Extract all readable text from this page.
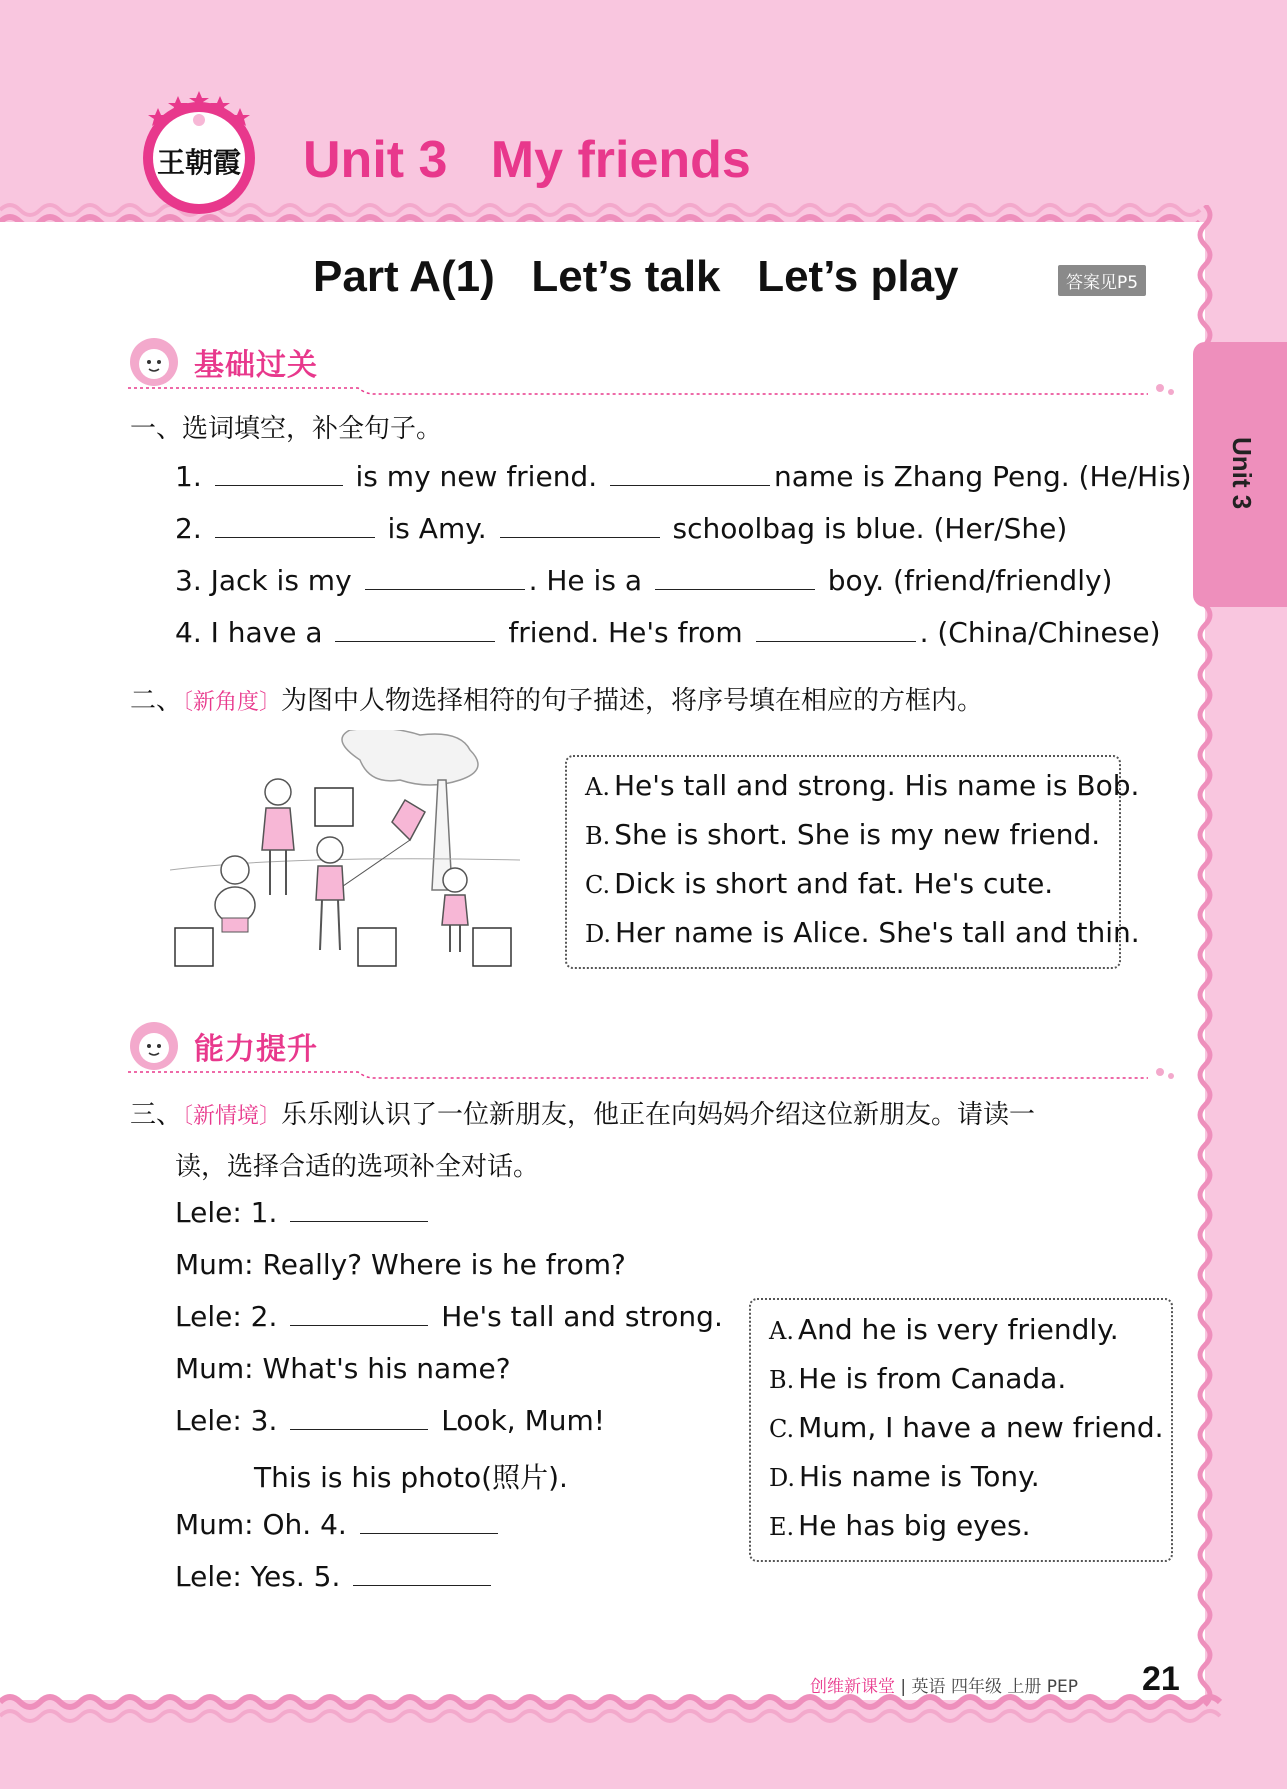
王朝霞 Unit 3   My friends
Part A(1)   Let’s talk   Let’s play	答案见P5
Unit 3
基础过关
一、选词填空，补全句子。
1.	is my new friend.	name is Zhang Peng. (He/His)
2.	is Amy.	schoolbag is blue. (Her/She)
3. Jack is my	. He is a	boy. (friend/friendly)
4. I have a	friend. He's from	. (China/Chinese)
二、〔新角度〕为图中人物选择相符的句子描述，将序号填在相应的方框内。
A. He's tall and strong. His name is Bob.
B. She is short. She is my new friend.
C. Dick is short and fat. He's cute.
D. Her name is Alice. She's tall and thin.
能力提升
三、〔新情境〕乐乐刚认识了一位新朋友，他正在向妈妈介绍这位新朋友。请读一
读，选择合适的选项补全对话。
Lele: 1.
Mum: Really? Where is he from?
Lele: 2.	He's tall and strong.
Mum: What's his name?
Lele: 3.	Look, Mum!
This is his photo(照片).
Mum: Oh. 4.
Lele: Yes. 5.
A. And he is very friendly.
B. He is from Canada.
C. Mum, I have a new friend.
D. His name is Tony.
E. He has big eyes.
创维新课堂 | 英语 四年级 上册 PEP 21
